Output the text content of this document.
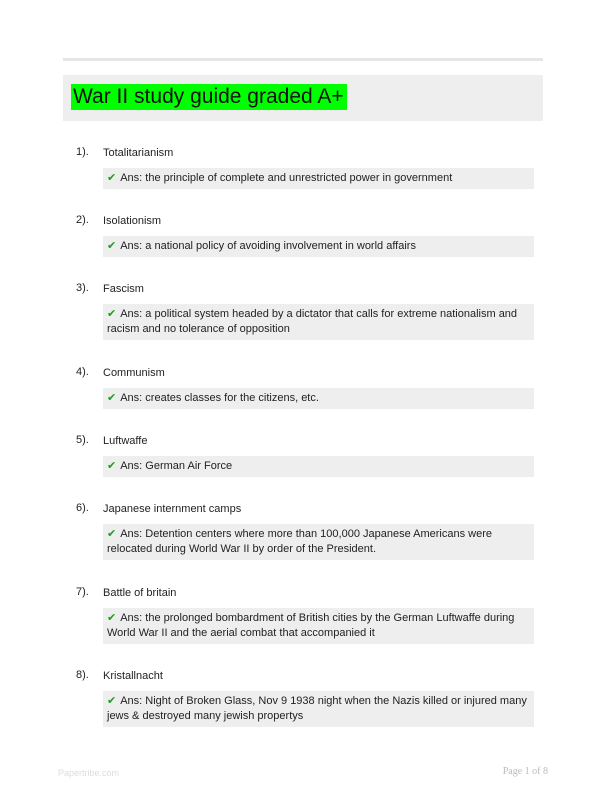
War II study guide graded A+
1). Totalitarianism
✔ Ans: the principle of complete and unrestricted power in government
2). Isolationism
✔ Ans: a national policy of avoiding involvement in world affairs
3). Fascism
✔ Ans: a political system headed by a dictator that calls for extreme nationalism and racism and no tolerance of opposition
4). Communism
✔ Ans: creates classes for the citizens, etc.
5). Luftwaffe
✔ Ans: German Air Force
6). Japanese internment camps
✔ Ans: Detention centers where more than 100,000 Japanese Americans were relocated during World War II by order of the President.
7). Battle of britain
✔ Ans: the prolonged bombardment of British cities by the German Luftwaffe during World War II and the aerial combat that accompanied it
8). Kristallnacht
✔ Ans: Night of Broken Glass, Nov 9 1938 night when the Nazis killed or injured many jews & destroyed many jewish propertys
Papertribe.com	Page 1 of 8
